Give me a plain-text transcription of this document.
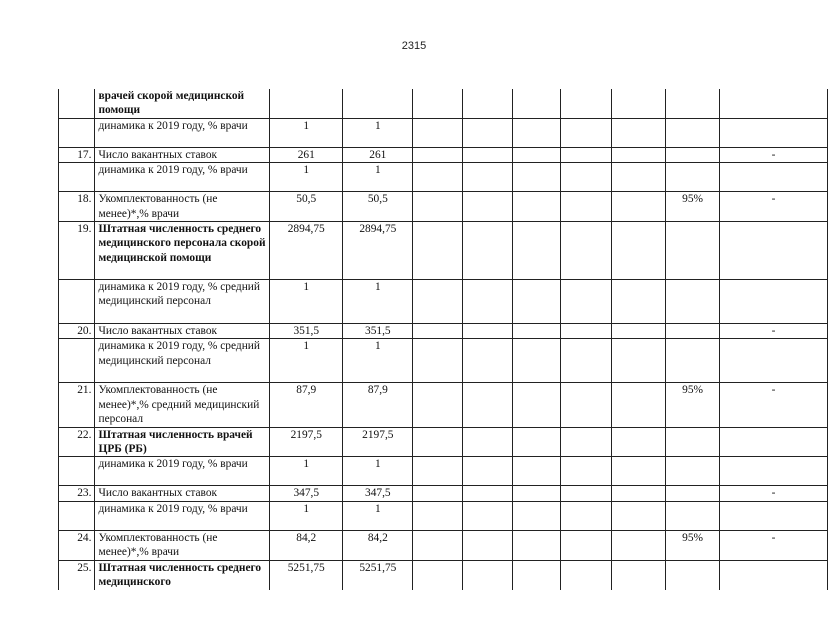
2315
	врачей скорой медицинской помощи									
	динамика к 2019 году, % врачи	1	1							
17.	Число вакантных ставок	261	261							-
	динамика к 2019 году, % врачи	1	1							
18.	Укомплектованность (не менее)*,% врачи	50,5	50,5						95%	-
19.	Штатная численность среднего медицинского персонала скорой медицинской помощи	2894,75	2894,75							
	динамика к 2019 году, % средний медицинский персонал	1	1							
20.	Число вакантных ставок	351,5	351,5							-
	динамика к 2019 году, % средний медицинский персонал	1	1							
21.	Укомплектованность (не менее)*,% средний медицинский персонал	87,9	87,9						95%	-
22.	Штатная численность врачей ЦРБ (РБ)	2197,5	2197,5							
	динамика к 2019 году, % врачи	1	1							
23.	Число вакантных ставок	347,5	347,5							-
	динамика к 2019 году, % врачи	1	1							
24.	Укомплектованность (не менее)*,% врачи	84,2	84,2						95%	-
25.	Штатная численность среднего медицинского	5251,75	5251,75							
